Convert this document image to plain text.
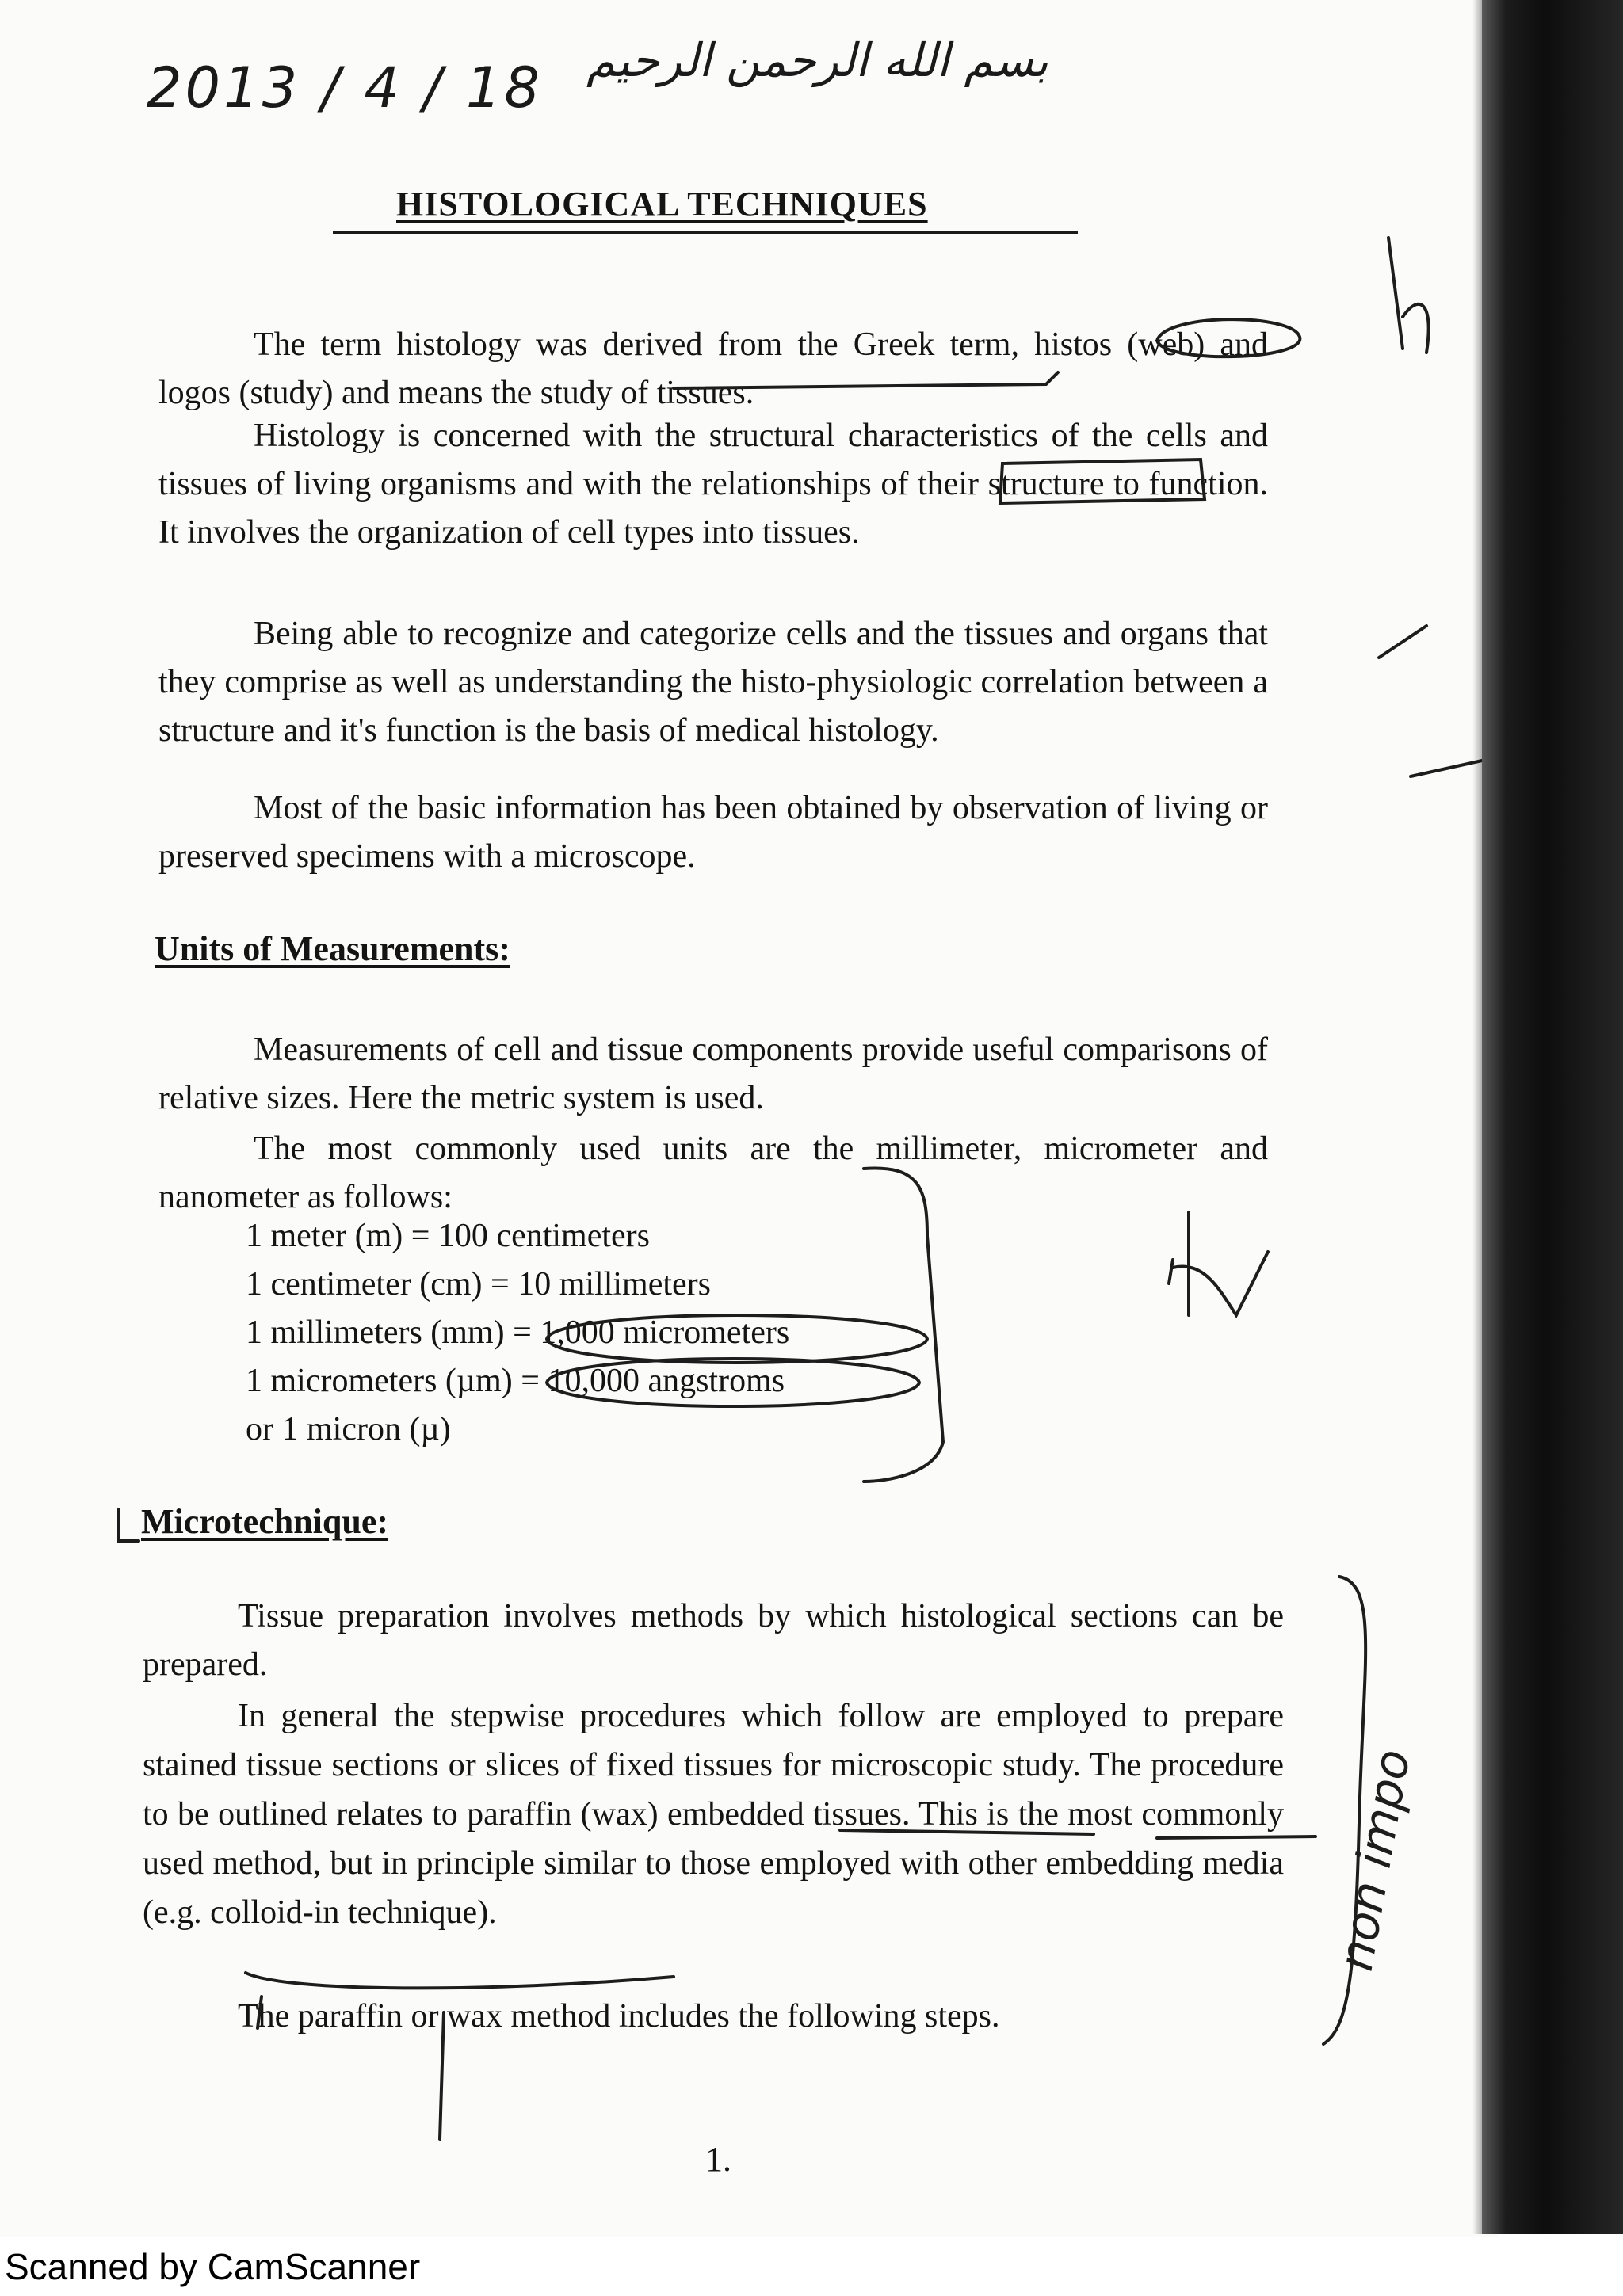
2013 / 4 / 18 بسم الله الرحمن الرحيم
HISTOLOGICAL TECHNIQUES
The term histology was derived from the Greek term, histos (web) and logos (study) and means the study of tissues.
Histology is concerned with the structural characteristics of the cells and tissues of living organisms and with the relationships of their structure to function. It involves the organization of cell types into tissues.
Being able to recognize and categorize cells and the tissues and organs that they comprise as well as understanding the histo-physiologic correlation between a structure and it's function is the basis of medical histology.
Most of the basic information has been obtained by observation of living or preserved specimens with a microscope.
Units of Measurements:
Measurements of cell and tissue components provide useful comparisons of relative sizes. Here the metric system is used.
The most commonly used units are the millimeter, micrometer and nanometer as follows:
1 meter (m) = 100 centimeters
1 centimeter (cm) = 10 millimeters
1 millimeters (mm) = 1,000 micrometers
1 micrometers (µm) = 10,000 angstroms
or 1 micron (µ)
Microtechnique:
Tissue preparation involves methods by which histological sections can be prepared.
In general the stepwise procedures which follow are employed to prepare stained tissue sections or slices of fixed tissues for microscopic study. The procedure to be outlined relates to paraffin (wax) embedded tissues. This is the most commonly used method, but in principle similar to those employed with other embedding media (e.g. colloid-in technique).
The paraffin or wax method includes the following steps.
1.
non impo
Scanned by CamScanner
